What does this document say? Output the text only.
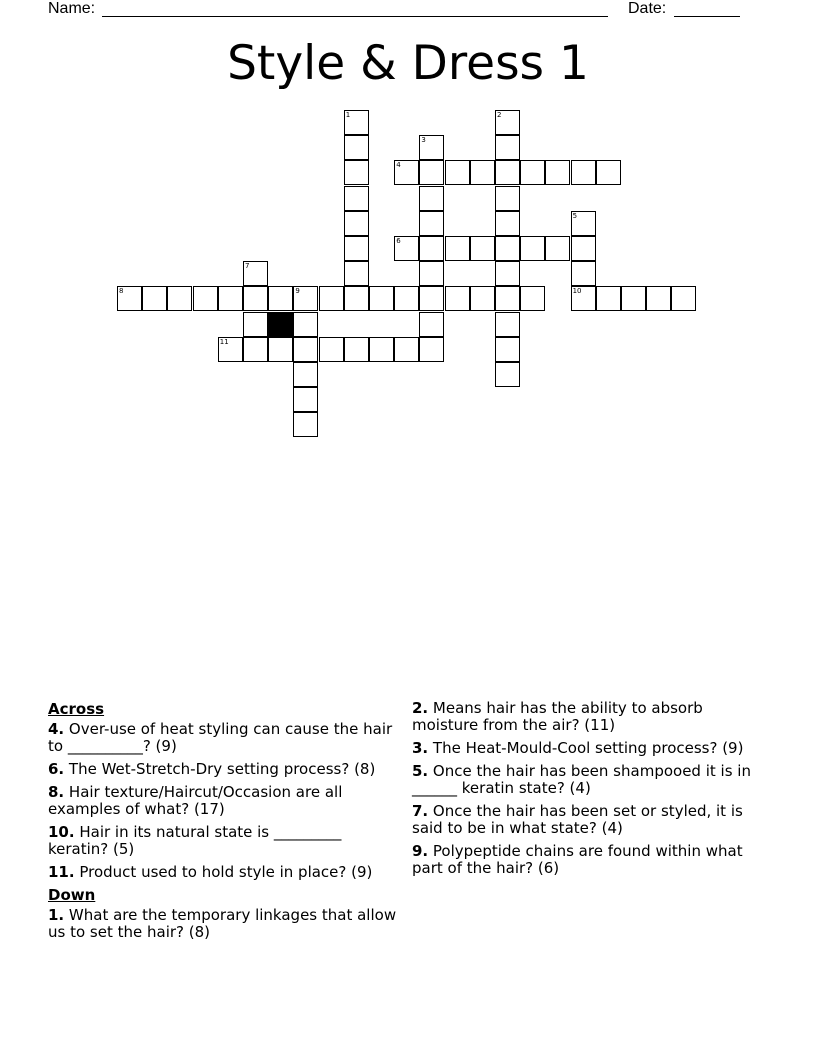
Name:	Date:
Style & Dress 1
1	2
3
4
5
6
7
8	9	10
11
Across
4. Over-use of heat styling can cause the hair to __________? (9)
6. The Wet-Stretch-Dry setting process? (8)
8. Hair texture/Haircut/Occasion are all examples of what? (17)
10. Hair in its natural state is _________ keratin? (5)
11. Product used to hold style in place? (9)
Down
1. What are the temporary linkages that allow us to set the hair? (8)
2. Means hair has the ability to absorb moisture from the air? (11)
3. The Heat-Mould-Cool setting process? (9)
5. Once the hair has been shampooed it is in ______ keratin state? (4)
7. Once the hair has been set or styled, it is said to be in what state? (4)
9. Polypeptide chains are found within what part of the hair? (6)
